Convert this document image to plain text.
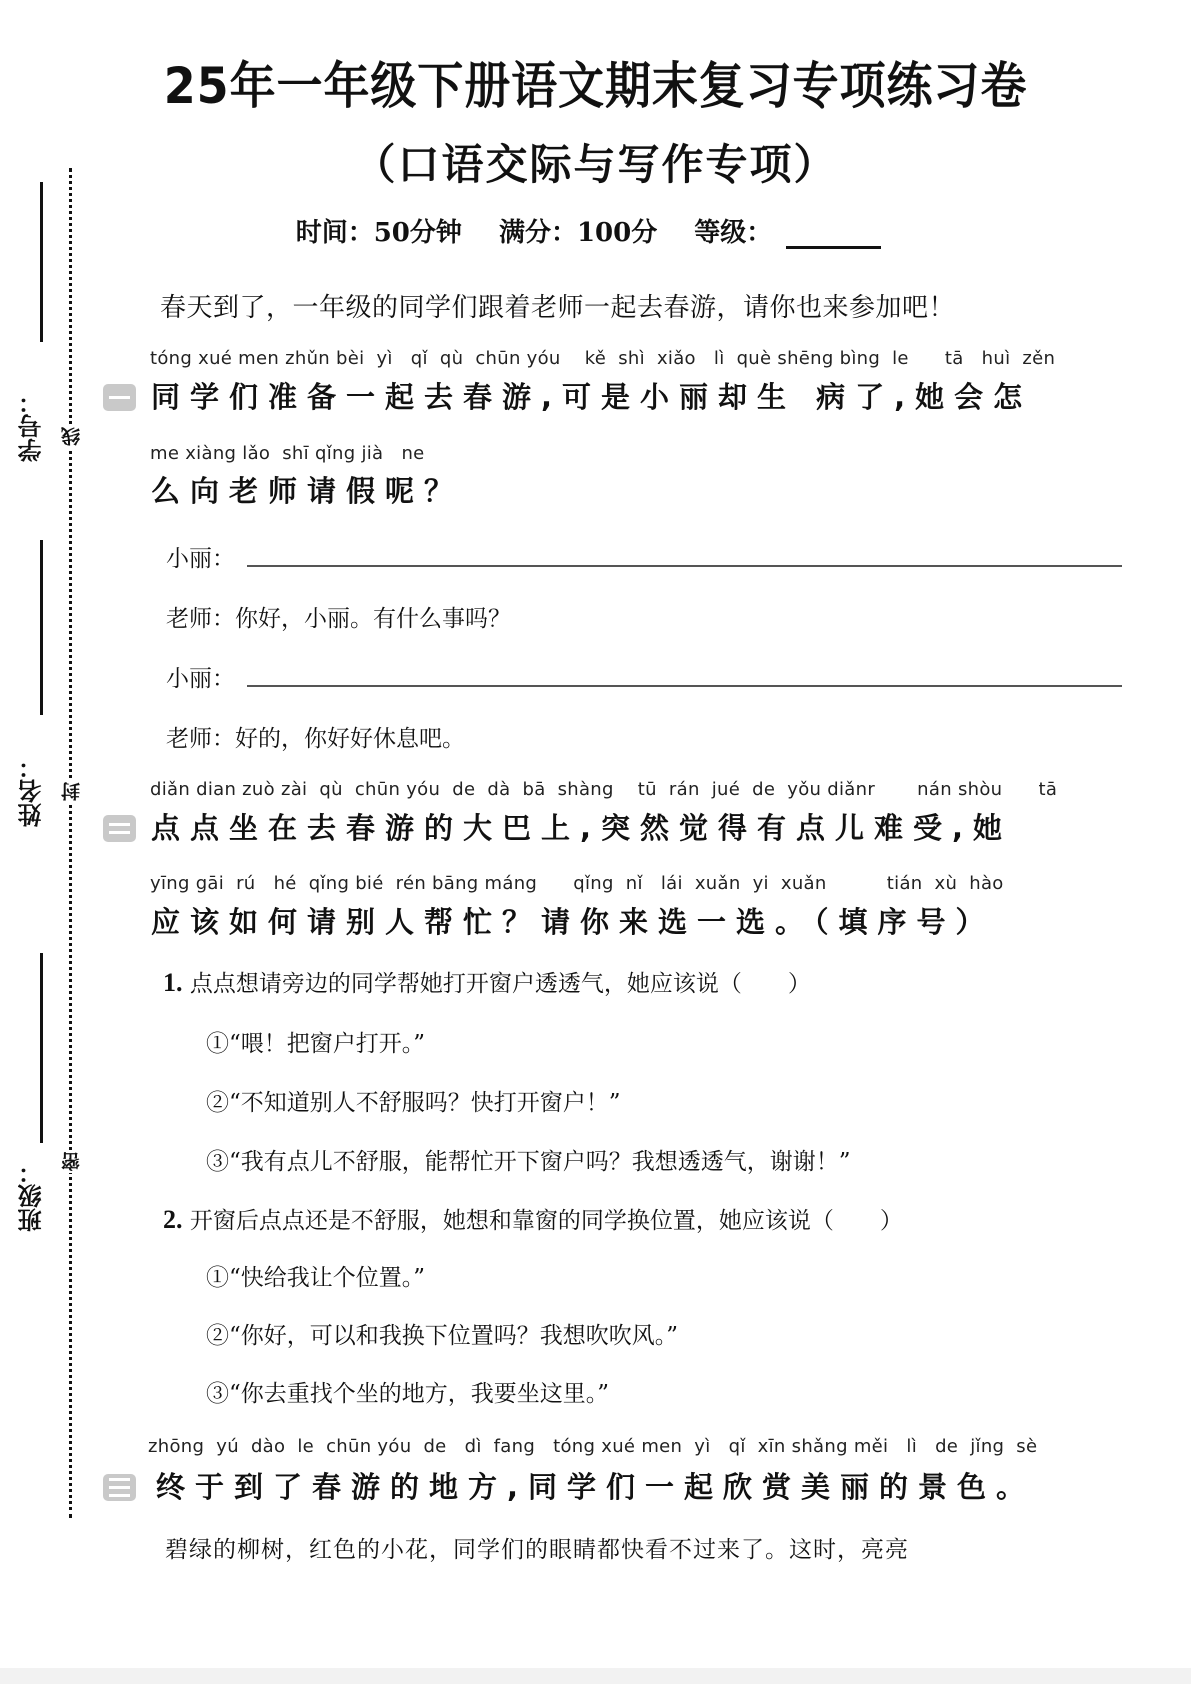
学号： 线
姓名： 封
班级： 密
25年一年级下册语文期末复习专项练习卷
（口语交际与写作专项）
时间：50分钟 满分：100分 等级：
春天到了，一年级的同学们跟着老师一起去春游，请你也来参加吧！
tóng xué men zhǔn bèi  yì   qǐ  qù  chūn yóu    kě  shì  xiǎo   lì  què shēng bìng  le      tā   huì  zěn
同学们准备一起去春游,可是小丽却生 病了,她会怎
me xiàng lǎo  shī qǐng jià   ne
么向老师请假呢？
小丽：
老师：你好，小丽。有什么事吗？
小丽：
老师：好的，你好好休息吧。
diǎn dian zuò zài  qù  chūn yóu  de  dà  bā  shàng    tū  rán  jué  de  yǒu diǎnr       nán shòu      tā
点点坐在去春游的大巴上,突然觉得有点儿难受,她
yīng gāi  rú   hé  qǐng bié  rén bāng máng      qǐng  nǐ   lái  xuǎn  yi  xuǎn          tián  xù  hào
应该如何请别人帮忙？请你来选一选。（填序号）
1. 点点想请旁边的同学帮她打开窗户透透气，她应该说（　　）
①“喂！把窗户打开。”
②“不知道别人不舒服吗？快打开窗户！”
③“我有点儿不舒服，能帮忙开下窗户吗？我想透透气，谢谢！”
2. 开窗后点点还是不舒服，她想和靠窗的同学换位置，她应该说（　　）
①“快给我让个位置。”
②“你好，可以和我换下位置吗？我想吹吹风。”
③“你去重找个坐的地方，我要坐这里。”
zhōng  yú  dào  le  chūn yóu  de   dì  fang   tóng xué men  yì   qǐ  xīn shǎng měi   lì   de  jǐng  sè
终于到了春游的地方,同学们一起欣赏美丽的景色。
碧绿的柳树，红色的小花，同学们的眼睛都快看不过来了。这时，亮亮
